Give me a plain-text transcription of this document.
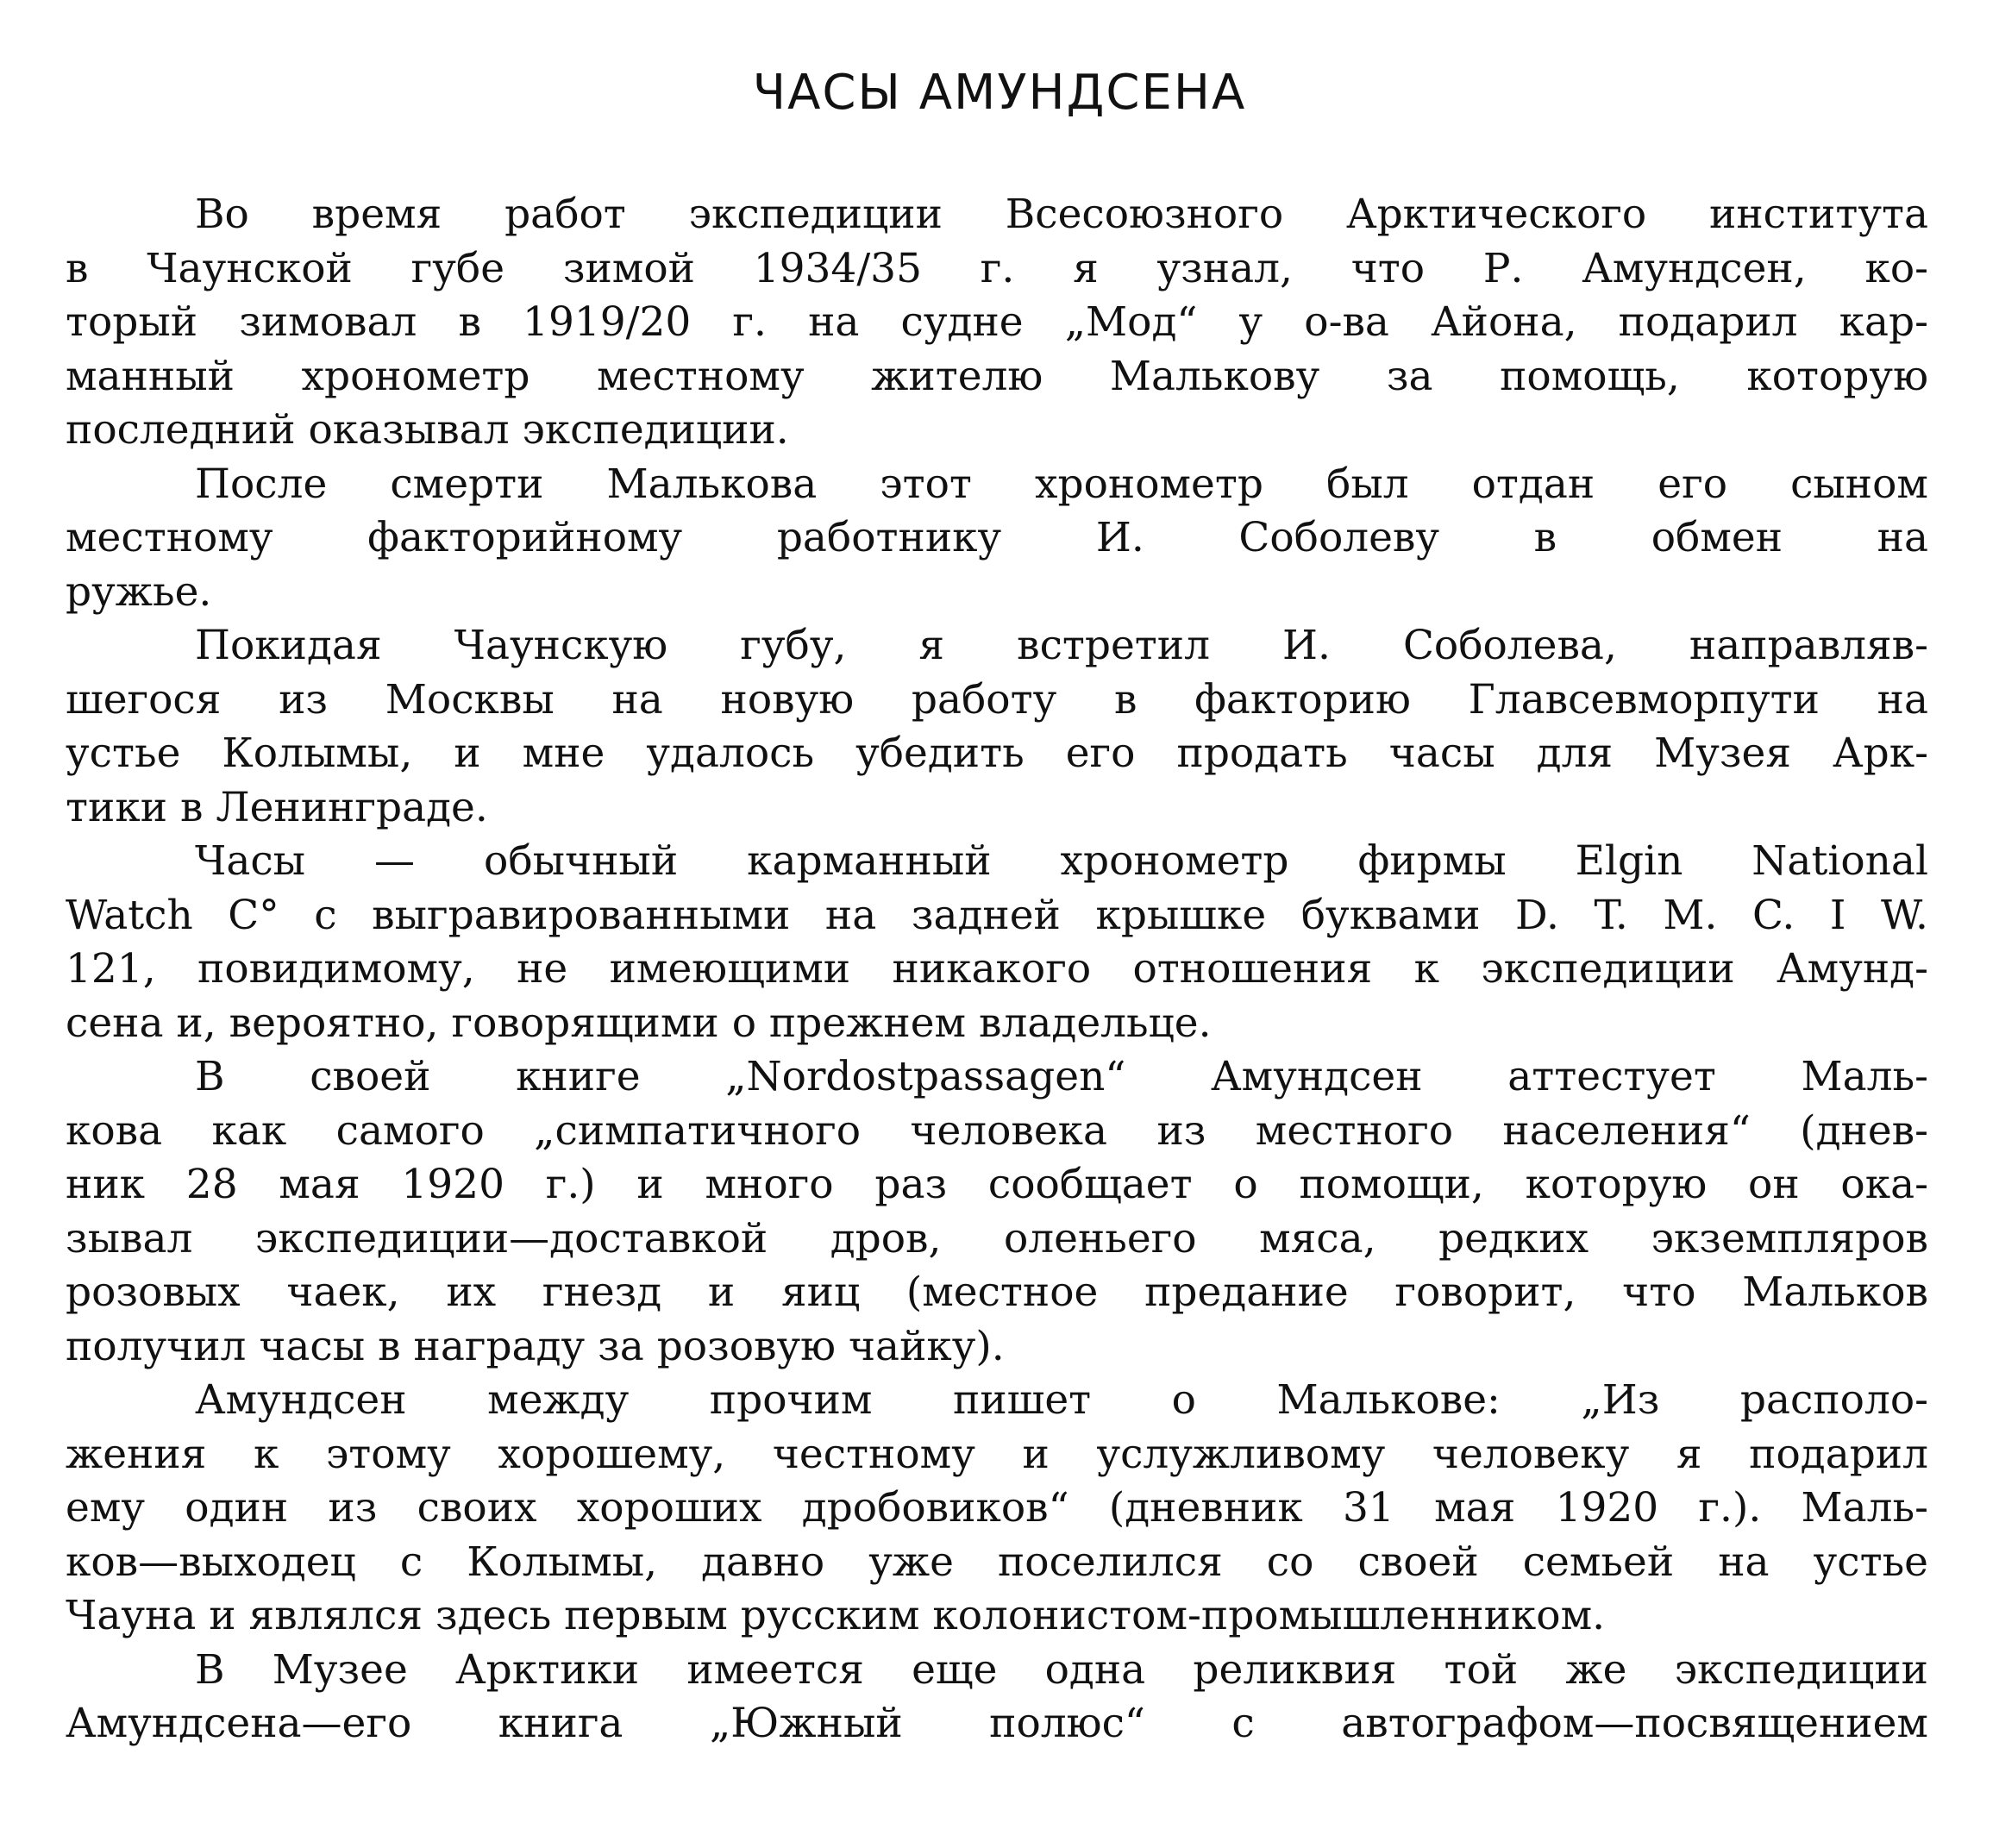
ЧАСЫ АМУНДСЕНА
Во время работ экспедиции Всесоюзного Арктического института
в Чаунской губе зимой 1934/35 г. я узнал, что Р. Амундсен, ко-
торый зимовал в 1919/20 г. на судне „Мод“ у о-ва Айона, подарил кар-
манный хронометр местному жителю Малькову за помощь, которую
последний оказывал экспедиции.
После смерти Малькова этот хронометр был отдан его сыном
местному факторийному работнику И. Соболеву в обмен на
ружье.
Покидая Чаунскую губу, я встретил И. Соболева, направляв-
шегося из Москвы на новую работу в факторию Главсевморпути на
устье Колымы, и мне удалось убедить его продать часы для Музея Арк-
тики в Ленинграде.
Часы — обычный карманный хронометр фирмы Elgin National
Watch C° с выгравированными на задней крышке буквами D. T. M. C. I W.
121, повидимому, не имеющими никакого отношения к экспедиции Амунд-
сена и, вероятно, говорящими о прежнем владельце.
В своей книге „Nordostpassagen“ Амундсен аттестует Маль-
кова как самого „симпатичного человека из местного населения“ (днев-
ник 28 мая 1920 г.) и много раз сообщает о помощи, которую он ока-
зывал экспедиции—доставкой дров, оленьего мяса, редких экземпляров
розовых чаек, их гнезд и яиц (местное предание говорит, что Мальков
получил часы в награду за розовую чайку).
Амундсен между прочим пишет о Малькове: „Из располо-
жения к этому хорошему, честному и услужливому человеку я подарил
ему один из своих хороших дробовиков“ (дневник 31 мая 1920 г.). Маль-
ков—выходец с Колымы, давно уже поселился со своей семьей на устье
Чауна и являлся здесь первым русским колонистом-промышленником.
В Музее Арктики имеется еще одна реликвия той же экспедиции
Амундсена—его книга „Южный полюс“ с автографом—посвящением
